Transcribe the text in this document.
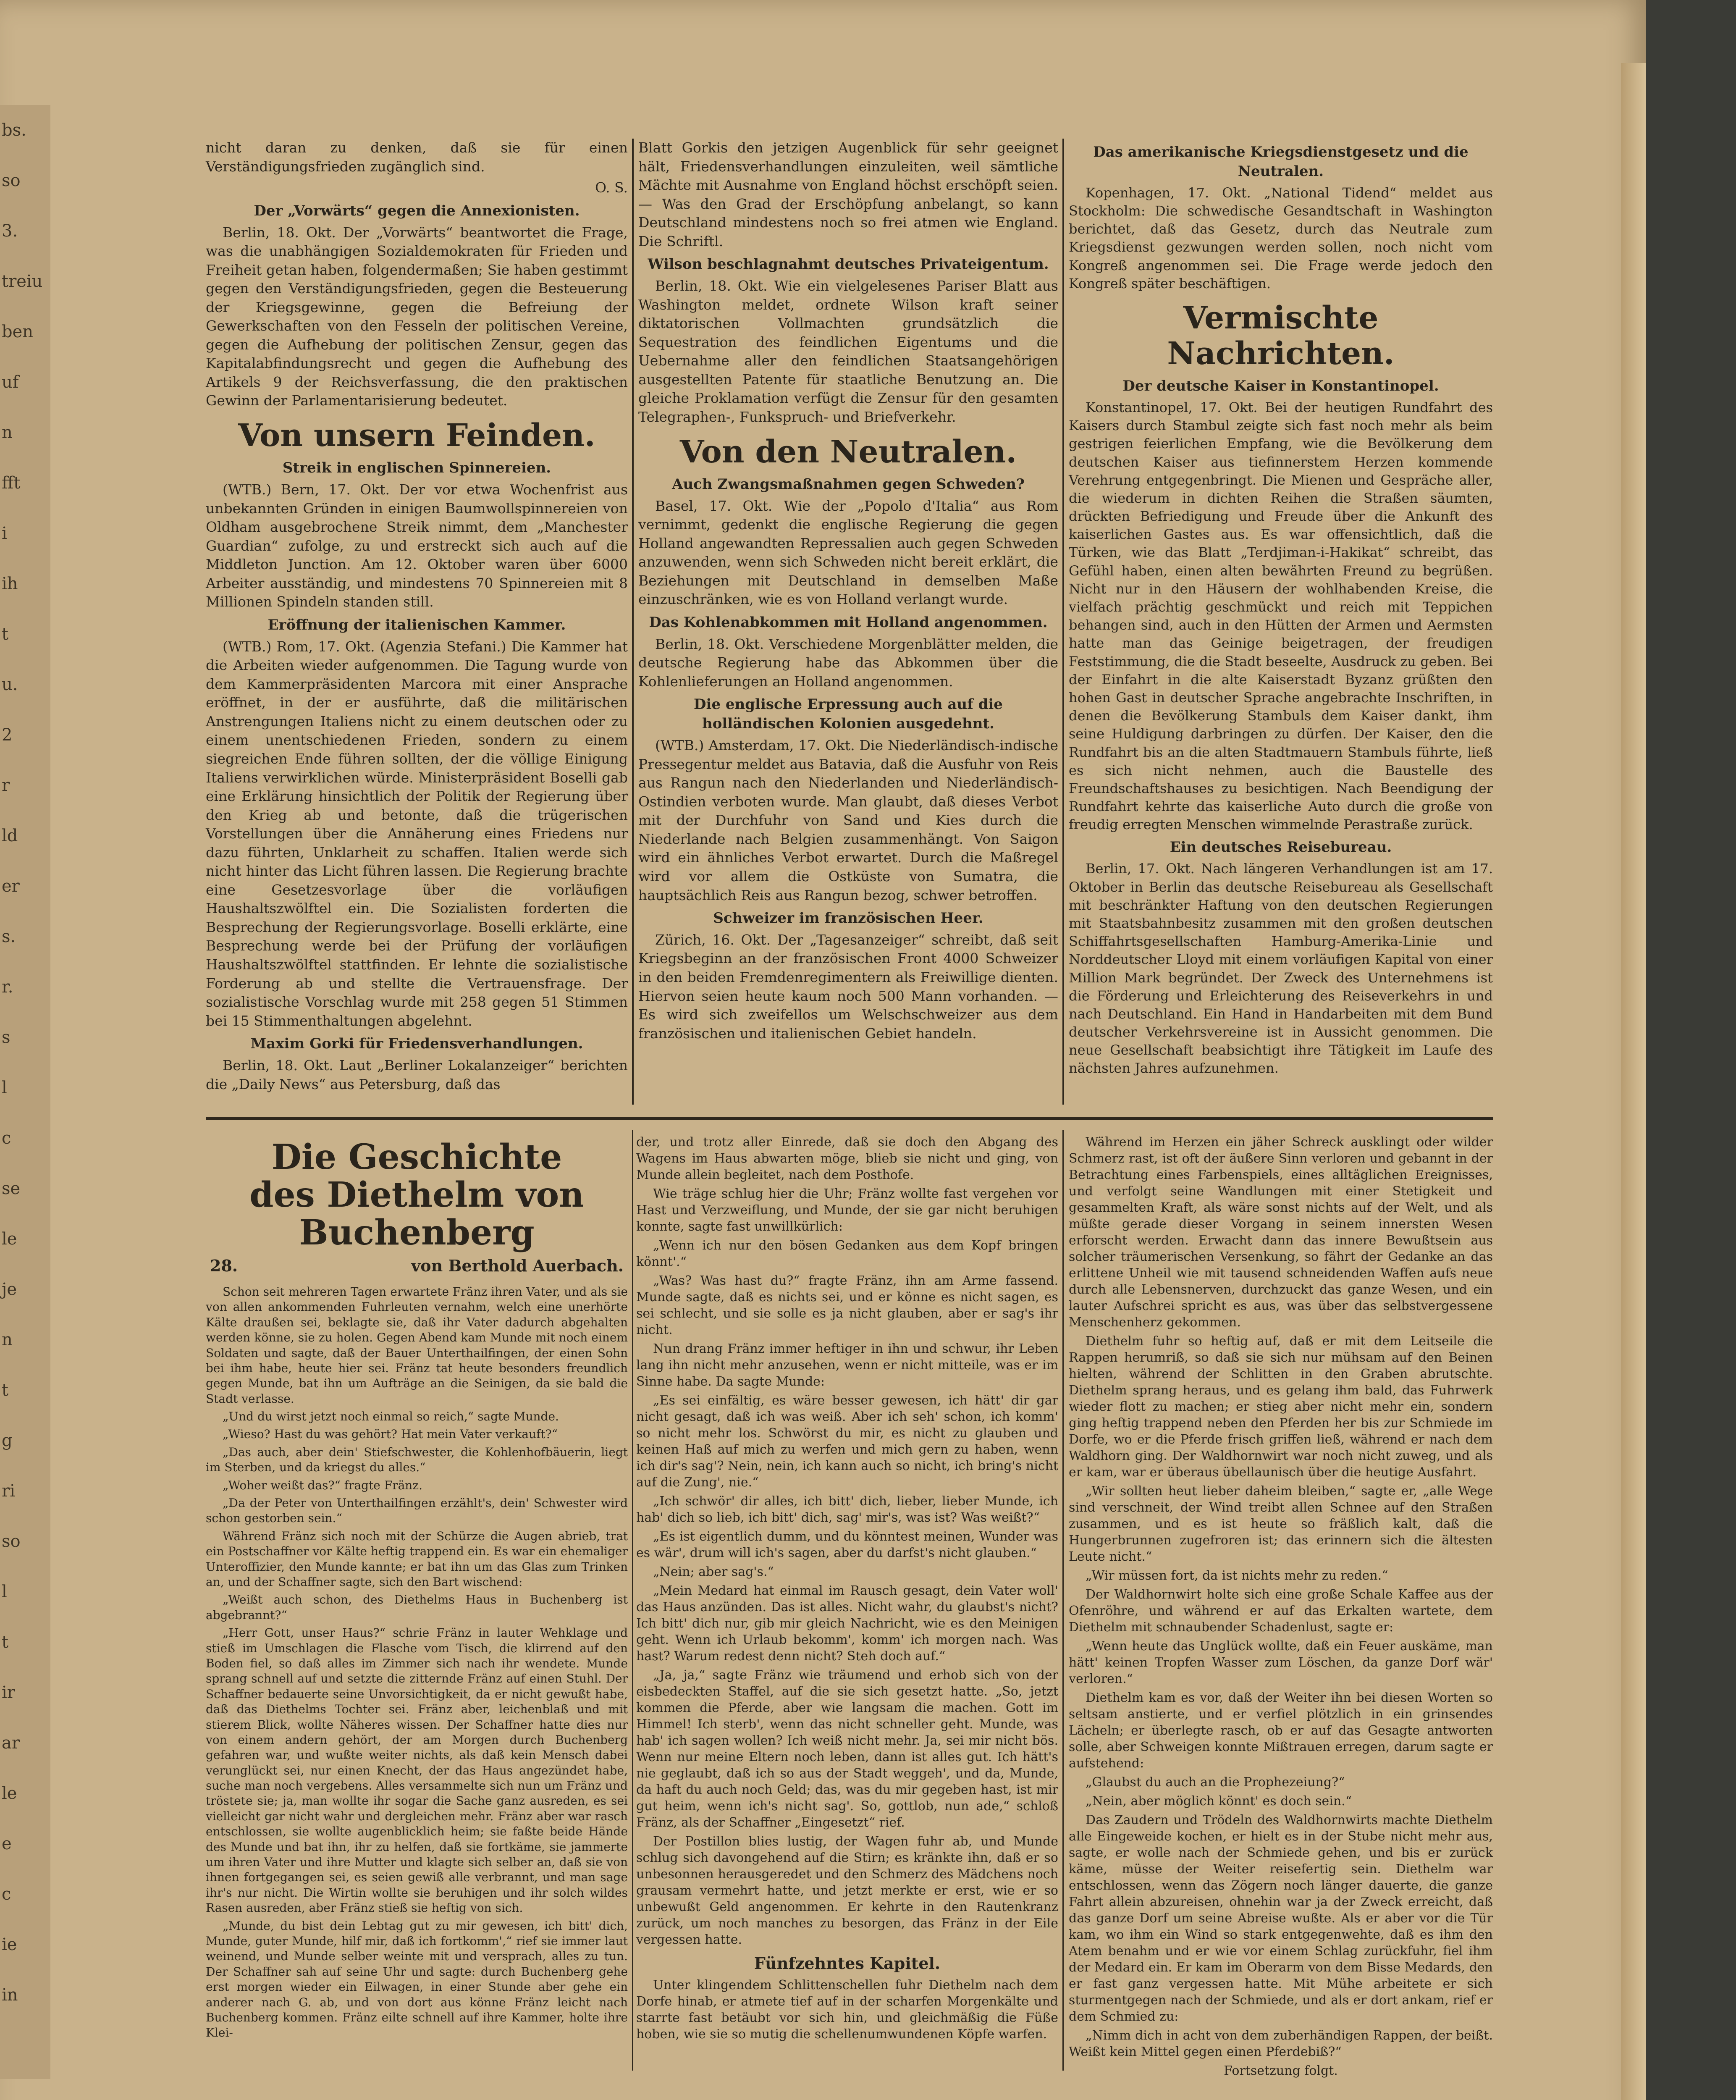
bs.
so
3.
treiu
ben
uf
n
fft
i
ih
t
u.
2
r
ld
er
s.
r.
s
l
c
se
le
je
n
t
g
ri
so
l
t
ir
ar
le
e
c
ie
in

nicht daran zu denken, daß sie für einen Verständigungsfrieden zugänglich sind.

O. S.

Der „Vorwärts“ gegen die Annexionisten.

Berlin, 18. Okt. Der „Vorwärts“ beantwortet die Frage, was die unabhängigen Sozialdemokraten für Frieden und Freiheit getan haben, folgendermaßen; Sie haben gestimmt gegen den Verständigungsfrieden, gegen die Besteuerung der Kriegsgewinne, gegen die Befreiung der Gewerkschaften von den Fesseln der politischen Vereine, gegen die Aufhebung der politischen Zensur, gegen das Kapitalabfindungsrecht und gegen die Aufhebung des Artikels 9 der Reichsverfassung, die den praktischen Gewinn der Parlamentarisierung bedeutet.

Von unsern Feinden.
Streik in englischen Spinnereien.

(WTB.) Bern, 17. Okt. Der vor etwa Wochenfrist aus unbekannten Gründen in einigen Baumwollspinnereien von Oldham ausgebrochene Streik nimmt, dem „Manchester Guardian“ zufolge, zu und erstreckt sich auch auf die Middleton Junction. Am 12. Oktober waren über 6000 Arbeiter ausständig, und mindestens 70 Spinnereien mit 8 Millionen Spindeln standen still.

Eröffnung der italienischen Kammer.

(WTB.) Rom, 17. Okt. (Agenzia Stefani.) Die Kammer hat die Arbeiten wieder aufgenommen. Die Tagung wurde von dem Kammerpräsidenten Marcora mit einer Ansprache eröffnet, in der er ausführte, daß die militärischen Anstrengungen Italiens nicht zu einem deutschen oder zu einem unentschiedenen Frieden, sondern zu einem siegreichen Ende führen sollten, der die völlige Einigung Italiens verwirklichen würde. Ministerpräsident Boselli gab eine Erklärung hinsichtlich der Politik der Regierung über den Krieg ab und betonte, daß die trügerischen Vorstellungen über die Annäherung eines Friedens nur dazu führten, Unklarheit zu schaffen. Italien werde sich nicht hinter das Licht führen lassen. Die Regierung brachte eine Gesetzesvorlage über die vorläufigen Haushaltszwölftel ein. Die Sozialisten forderten die Besprechung der Regierungsvorlage. Boselli erklärte, eine Besprechung werde bei der Prüfung der vorläufigen Haushaltszwölftel stattfinden. Er lehnte die sozialistische Forderung ab und stellte die Vertrauensfrage. Der sozialistische Vorschlag wurde mit 258 gegen 51 Stimmen bei 15 Stimmenthaltungen abgelehnt.

Maxim Gorki für Friedensverhandlungen.

Berlin, 18. Okt. Laut „Berliner Lokalanzeiger“ berichten die „Daily News“ aus Petersburg, daß das

Blatt Gorkis den jetzigen Augenblick für sehr geeignet hält, Friedensverhandlungen einzuleiten, weil sämtliche Mächte mit Ausnahme von England höchst erschöpft seien. — Was den Grad der Erschöpfung anbelangt, so kann Deutschland mindestens noch so frei atmen wie England. Die Schriftl.

Wilson beschlagnahmt deutsches Privateigentum.

Berlin, 18. Okt. Wie ein vielgelesenes Pariser Blatt aus Washington meldet, ordnete Wilson kraft seiner diktatorischen Vollmachten grundsätzlich die Sequestration des feindlichen Eigentums und die Uebernahme aller den feindlichen Staatsangehörigen ausgestellten Patente für staatliche Benutzung an. Die gleiche Proklamation verfügt die Zensur für den gesamten Telegraphen-, Funkspruch- und Briefverkehr.

Von den Neutralen.
Auch Zwangsmaßnahmen gegen Schweden?

Basel, 17. Okt. Wie der „Popolo d'Italia“ aus Rom vernimmt, gedenkt die englische Regierung die gegen Holland angewandten Repressalien auch gegen Schweden anzuwenden, wenn sich Schweden nicht bereit erklärt, die Beziehungen mit Deutschland in demselben Maße einzuschränken, wie es von Holland verlangt wurde.

Das Kohlenabkommen mit Holland angenommen.

Berlin, 18. Okt. Verschiedene Morgenblätter melden, die deutsche Regierung habe das Abkommen über die Kohlenlieferungen an Holland angenommen.

Die englische Erpressung auch auf die holländischen Kolonien ausgedehnt.

(WTB.) Amsterdam, 17. Okt. Die Niederländisch-indische Pressegentur meldet aus Batavia, daß die Ausfuhr von Reis aus Rangun nach den Niederlanden und Niederländisch-Ostindien verboten wurde. Man glaubt, daß dieses Verbot mit der Durchfuhr von Sand und Kies durch die Niederlande nach Belgien zusammenhängt. Von Saigon wird ein ähnliches Verbot erwartet. Durch die Maßregel wird vor allem die Ostküste von Sumatra, die hauptsächlich Reis aus Rangun bezog, schwer betroffen.

Schweizer im französischen Heer.

Zürich, 16. Okt. Der „Tagesanzeiger“ schreibt, daß seit Kriegsbeginn an der französischen Front 4000 Schweizer in den beiden Fremdenregimentern als Freiwillige dienten. Hiervon seien heute kaum noch 500 Mann vorhanden. — Es wird sich zweifellos um Welschschweizer aus dem französischen und italienischen Gebiet handeln.

Das amerikanische Kriegsdienstgesetz und die Neutralen.

Kopenhagen, 17. Okt. „National Tidend“ meldet aus Stockholm: Die schwedische Gesandtschaft in Washington berichtet, daß das Gesetz, durch das Neutrale zum Kriegsdienst gezwungen werden sollen, noch nicht vom Kongreß angenommen sei. Die Frage werde jedoch den Kongreß später beschäftigen.

Vermischte Nachrichten.
Der deutsche Kaiser in Konstantinopel.

Konstantinopel, 17. Okt. Bei der heutigen Rundfahrt des Kaisers durch Stambul zeigte sich fast noch mehr als beim gestrigen feierlichen Empfang, wie die Bevölkerung dem deutschen Kaiser aus tiefinnerstem Herzen kommende Verehrung entgegenbringt. Die Mienen und Gespräche aller, die wiederum in dichten Reihen die Straßen säumten, drückten Befriedigung und Freude über die Ankunft des kaiserlichen Gastes aus. Es war offensichtlich, daß die Türken, wie das Blatt „Terdjiman-i-Hakikat“ schreibt, das Gefühl haben, einen alten bewährten Freund zu begrüßen. Nicht nur in den Häusern der wohlhabenden Kreise, die vielfach prächtig geschmückt und reich mit Teppichen behangen sind, auch in den Hütten der Armen und Aermsten hatte man das Geinige beigetragen, der freudigen Feststimmung, die die Stadt beseelte, Ausdruck zu geben. Bei der Einfahrt in die alte Kaiserstadt Byzanz grüßten den hohen Gast in deutscher Sprache angebrachte Inschriften, in denen die Bevölkerung Stambuls dem Kaiser dankt, ihm seine Huldigung darbringen zu dürfen. Der Kaiser, den die Rundfahrt bis an die alten Stadtmauern Stambuls führte, ließ es sich nicht nehmen, auch die Baustelle des Freundschaftshauses zu besichtigen. Nach Beendigung der Rundfahrt kehrte das kaiserliche Auto durch die große von freudig erregten Menschen wimmelnde Perastraße zurück.

Ein deutsches Reisebureau.

Berlin, 17. Okt. Nach längeren Verhandlungen ist am 17. Oktober in Berlin das deutsche Reisebureau als Gesellschaft mit beschränkter Haftung von den deutschen Regierungen mit Staatsbahnbesitz zusammen mit den großen deutschen Schiffahrtsgesellschaften Hamburg-Amerika-Linie und Norddeutscher Lloyd mit einem vorläufigen Kapital von einer Million Mark begründet. Der Zweck des Unternehmens ist die Förderung und Erleichterung des Reiseverkehrs in und nach Deutschland. Ein Hand in Handarbeiten mit dem Bund deutscher Verkehrsvereine ist in Aussicht genommen. Die neue Gesellschaft beabsichtigt ihre Tätigkeit im Laufe des nächsten Jahres aufzunehmen.

Die Geschichte
des Diethelm von Buchenberg
28.	von Berthold Auerbach.

Schon seit mehreren Tagen erwartete Fränz ihren Vater, und als sie von allen ankommenden Fuhrleuten vernahm, welch eine unerhörte Kälte draußen sei, beklagte sie, daß ihr Vater dadurch abgehalten werden könne, sie zu holen. Gegen Abend kam Munde mit noch einem Soldaten und sagte, daß der Bauer Unterthailfingen, der einen Sohn bei ihm habe, heute hier sei. Fränz tat heute besonders freundlich gegen Munde, bat ihn um Aufträge an die Seinigen, da sie bald die Stadt verlasse.

„Und du wirst jetzt noch einmal so reich,“ sagte Munde.

„Wieso? Hast du was gehört? Hat mein Vater verkauft?“

„Das auch, aber dein' Stiefschwester, die Kohlenhofbäuerin, liegt im Sterben, und da kriegst du alles.“

„Woher weißt das?“ fragte Fränz.

„Da der Peter von Unterthailfingen erzählt's, dein' Schwester wird schon gestorben sein.“

Während Fränz sich noch mit der Schürze die Augen abrieb, trat ein Postschaffner vor Kälte heftig trappend ein. Es war ein ehemaliger Unteroffizier, den Munde kannte; er bat ihn um das Glas zum Trinken an, und der Schaffner sagte, sich den Bart wischend:

„Weißt auch schon, des Diethelms Haus in Buchenberg ist abgebrannt?“

„Herr Gott, unser Haus?“ schrie Fränz in lauter Wehklage und stieß im Umschlagen die Flasche vom Tisch, die klirrend auf den Boden fiel, so daß alles im Zimmer sich nach ihr wendete. Munde sprang schnell auf und setzte die zitternde Fränz auf einen Stuhl. Der Schaffner bedauerte seine Unvorsichtigkeit, da er nicht gewußt habe, daß das Diethelms Tochter sei. Fränz aber, leichenblaß und mit stierem Blick, wollte Näheres wissen. Der Schaffner hatte dies nur von einem andern gehört, der am Morgen durch Buchenberg gefahren war, und wußte weiter nichts, als daß kein Mensch dabei verunglückt sei, nur einen Knecht, der das Haus angezündet habe, suche man noch vergebens. Alles versammelte sich nun um Fränz und tröstete sie; ja, man wollte ihr sogar die Sache ganz ausreden, es sei vielleicht gar nicht wahr und dergleichen mehr. Fränz aber war rasch entschlossen, sie wollte augenblicklich heim; sie faßte beide Hände des Munde und bat ihn, ihr zu helfen, daß sie fortkäme, sie jammerte um ihren Vater und ihre Mutter und klagte sich selber an, daß sie von ihnen fortgegangen sei, es seien gewiß alle verbrannt, und man sage ihr's nur nicht. Die Wirtin wollte sie beruhigen und ihr solch wildes Rasen ausreden, aber Fränz stieß sie heftig von sich.

„Munde, du bist dein Lebtag gut zu mir gewesen, ich bitt' dich, Munde, guter Munde, hilf mir, daß ich fortkomm',“ rief sie immer laut weinend, und Munde selber weinte mit und versprach, alles zu tun. Der Schaffner sah auf seine Uhr und sagte: durch Buchenberg gehe erst morgen wieder ein Eilwagen, in einer Stunde aber gehe ein anderer nach G. ab, und von dort aus könne Fränz leicht nach Buchenberg kommen. Fränz eilte schnell auf ihre Kammer, holte ihre Klei-

der, und trotz aller Einrede, daß sie doch den Abgang des Wagens im Haus abwarten möge, blieb sie nicht und ging, von Munde allein begleitet, nach dem Posthofe.

Wie träge schlug hier die Uhr; Fränz wollte fast vergehen vor Hast und Verzweiflung, und Munde, der sie gar nicht beruhigen konnte, sagte fast unwillkürlich:

„Wenn ich nur den bösen Gedanken aus dem Kopf bringen könnt'.“

„Was? Was hast du?“ fragte Fränz, ihn am Arme fassend. Munde sagte, daß es nichts sei, und er könne es nicht sagen, es sei schlecht, und sie solle es ja nicht glauben, aber er sag's ihr nicht.

Nun drang Fränz immer heftiger in ihn und schwur, ihr Leben lang ihn nicht mehr anzusehen, wenn er nicht mitteile, was er im Sinne habe. Da sagte Munde:

„Es sei einfältig, es wäre besser gewesen, ich hätt' dir gar nicht gesagt, daß ich was weiß. Aber ich seh' schon, ich komm' so nicht mehr los. Schwörst du mir, es nicht zu glauben und keinen Haß auf mich zu werfen und mich gern zu haben, wenn ich dir's sag'? Nein, nein, ich kann auch so nicht, ich bring's nicht auf die Zung', nie.“

„Ich schwör' dir alles, ich bitt' dich, lieber, lieber Munde, ich hab' dich so lieb, ich bitt' dich, sag' mir's, was ist? Was weißt?“

„Es ist eigentlich dumm, und du könntest meinen, Wunder was es wär', drum will ich's sagen, aber du darfst's nicht glauben.“

„Nein; aber sag's.“

„Mein Medard hat einmal im Rausch gesagt, dein Vater woll' das Haus anzünden. Das ist alles. Nicht wahr, du glaubst's nicht? Ich bitt' dich nur, gib mir gleich Nachricht, wie es den Meinigen geht. Wenn ich Urlaub bekomm', komm' ich morgen nach. Was hast? Warum redest denn nicht? Steh doch auf.“

„Ja, ja,“ sagte Fränz wie träumend und erhob sich von der eisbedeckten Staffel, auf die sie sich gesetzt hatte. „So, jetzt kommen die Pferde, aber wie langsam die machen. Gott im Himmel! Ich sterb', wenn das nicht schneller geht. Munde, was hab' ich sagen wollen? Ich weiß nicht mehr. Ja, sei mir nicht bös. Wenn nur meine Eltern noch leben, dann ist alles gut. Ich hätt's nie geglaubt, daß ich so aus der Stadt weggeh', und da, Munde, da haft du auch noch Geld; das, was du mir gegeben hast, ist mir gut heim, wenn ich's nicht sag'. So, gottlob, nun ade,“ schloß Fränz, als der Schaffner „Eingesetzt“ rief.

Der Postillon blies lustig, der Wagen fuhr ab, und Munde schlug sich davongehend auf die Stirn; es kränkte ihn, daß er so unbesonnen herausgeredet und den Schmerz des Mädchens noch grausam vermehrt hatte, und jetzt merkte er erst, wie er so unbewußt Geld angenommen. Er kehrte in den Rautenkranz zurück, um noch manches zu besorgen, das Fränz in der Eile vergessen hatte.

Fünfzehntes Kapitel.

Unter klingendem Schlittenschellen fuhr Diethelm nach dem Dorfe hinab, er atmete tief auf in der scharfen Morgenkälte und starrte fast betäubt vor sich hin, und gleichmäßig die Füße hoben, wie sie so mutig die schellenumwundenen Köpfe warfen.

Während im Herzen ein jäher Schreck ausklingt oder wilder Schmerz rast, ist oft der äußere Sinn verloren und gebannt in der Betrachtung eines Farbenspiels, eines alltäglichen Ereignisses, und verfolgt seine Wandlungen mit einer Stetigkeit und gesammelten Kraft, als wäre sonst nichts auf der Welt, und als müßte gerade dieser Vorgang in seinem innersten Wesen erforscht werden. Erwacht dann das innere Bewußtsein aus solcher träumerischen Versenkung, so fährt der Gedanke an das erlittene Unheil wie mit tausend schneidenden Waffen aufs neue durch alle Lebensnerven, durchzuckt das ganze Wesen, und ein lauter Aufschrei spricht es aus, was über das selbstvergessene Menschenherz gekommen.

Diethelm fuhr so heftig auf, daß er mit dem Leitseile die Rappen herumriß, so daß sie sich nur mühsam auf den Beinen hielten, während der Schlitten in den Graben abrutschte. Diethelm sprang heraus, und es gelang ihm bald, das Fuhrwerk wieder flott zu machen; er stieg aber nicht mehr ein, sondern ging heftig trappend neben den Pferden her bis zur Schmiede im Dorfe, wo er die Pferde frisch griffen ließ, während er nach dem Waldhorn ging. Der Waldhornwirt war noch nicht zuweg, und als er kam, war er überaus übellaunisch über die heutige Ausfahrt.

„Wir sollten heut lieber daheim bleiben,“ sagte er, „alle Wege sind verschneit, der Wind treibt allen Schnee auf den Straßen zusammen, und es ist heute so fräßlich kalt, daß die Hungerbrunnen zugefroren ist; das erinnern sich die ältesten Leute nicht.“

„Wir müssen fort, da ist nichts mehr zu reden.“

Der Waldhornwirt holte sich eine große Schale Kaffee aus der Ofenröhre, und während er auf das Erkalten wartete, dem Diethelm mit schnaubender Schadenlust, sagte er:

„Wenn heute das Unglück wollte, daß ein Feuer auskäme, man hätt' keinen Tropfen Wasser zum Löschen, da ganze Dorf wär' verloren.“

Diethelm kam es vor, daß der Weiter ihn bei diesen Worten so seltsam anstierte, und er verfiel plötzlich in ein grinsendes Lächeln; er überlegte rasch, ob er auf das Gesagte antworten solle, aber Schweigen konnte Mißtrauen erregen, darum sagte er aufstehend:

„Glaubst du auch an die Prophezeiung?“

„Nein, aber möglich könnt' es doch sein.“

Das Zaudern und Trödeln des Waldhornwirts machte Diethelm alle Eingeweide kochen, er hielt es in der Stube nicht mehr aus, sagte, er wolle nach der Schmiede gehen, und bis er zurück käme, müsse der Weiter reisefertig sein. Diethelm war entschlossen, wenn das Zögern noch länger dauerte, die ganze Fahrt allein abzureisen, ohnehin war ja der Zweck erreicht, daß das ganze Dorf um seine Abreise wußte. Als er aber vor die Tür kam, wo ihm ein Wind so stark entgegenwehte, daß es ihm den Atem benahm und er wie vor einem Schlag zurückfuhr, fiel ihm der Medard ein. Er kam im Oberarm von dem Bisse Medards, den er fast ganz vergessen hatte. Mit Mühe arbeitete er sich sturmentgegen nach der Schmiede, und als er dort ankam, rief er dem Schmied zu:

„Nimm dich in acht von dem zuberhändigen Rappen, der beißt. Weißt kein Mittel gegen einen Pferdebiß?“

Fortsetzung folgt.
